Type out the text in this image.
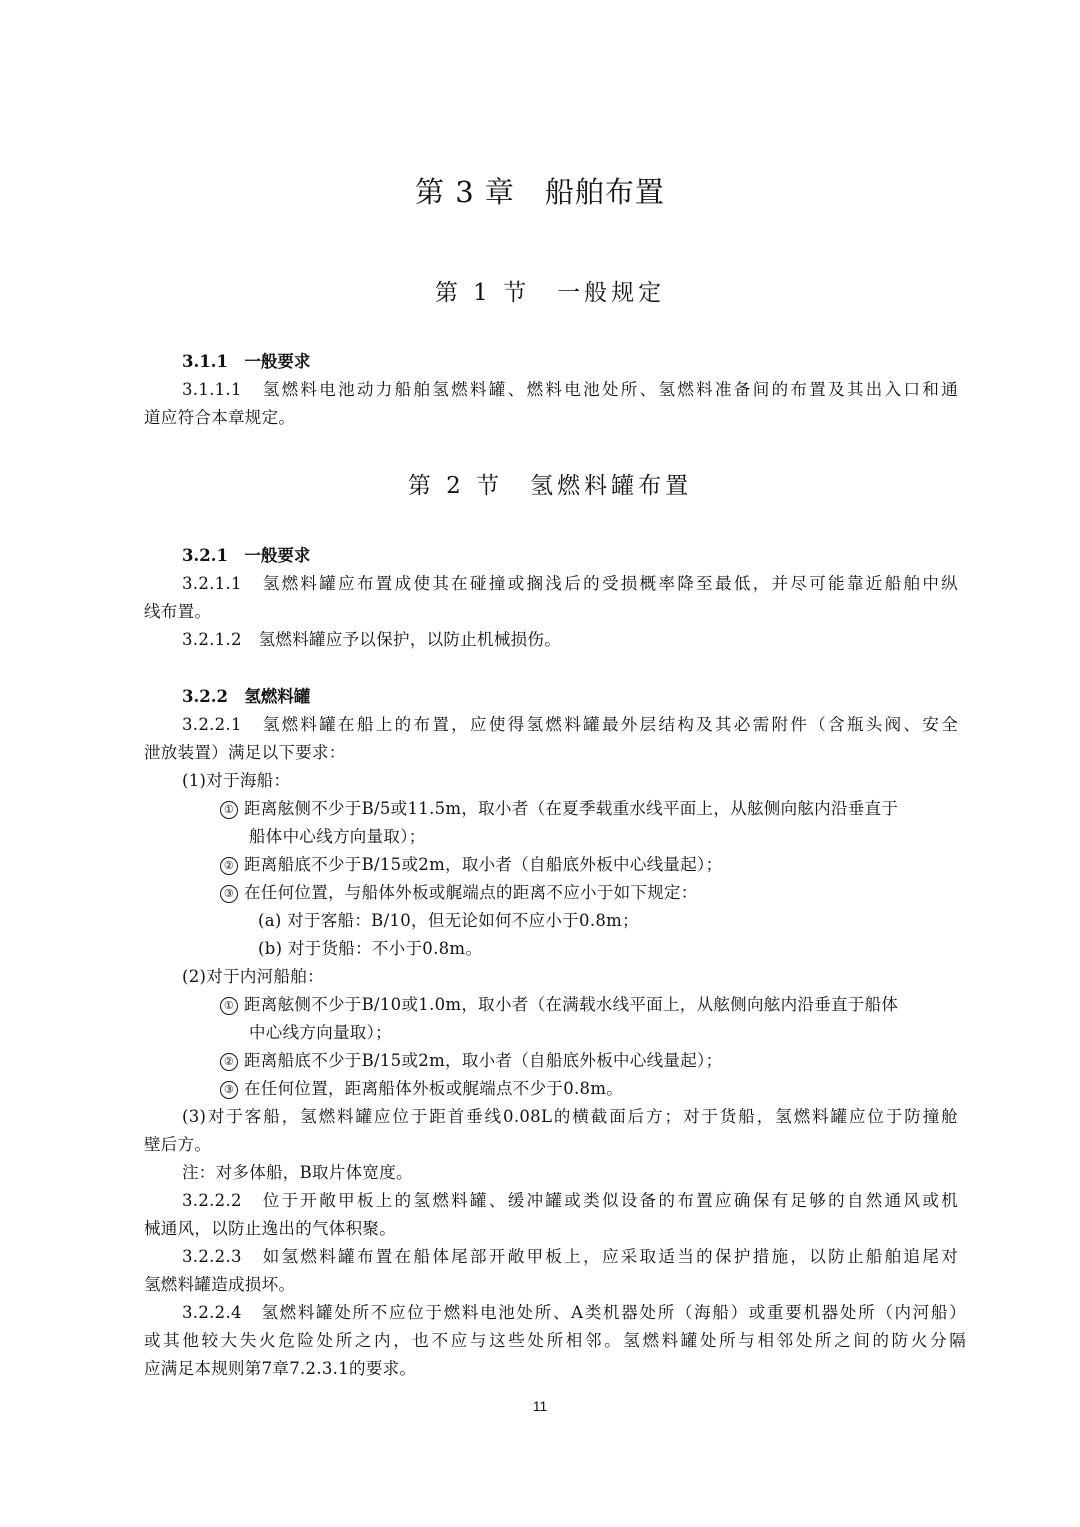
第 3 章　船舶布置
第 1 节　一般规定
3.1.1　一般要求
3.1.1.1　氢燃料电池动力船舶氢燃料罐、燃料电池处所、氢燃料准备间的布置及其出入口和通
道应符合本章规定。
第 2 节　氢燃料罐布置
3.2.1　一般要求
3.2.1.1　氢燃料罐应布置成使其在碰撞或搁浅后的受损概率降至最低，并尽可能靠近船舶中纵
线布置。
3.2.1.2　氢燃料罐应予以保护，以防止机械损伤。
3.2.2　氢燃料罐
3.2.2.1　氢燃料罐在船上的布置，应使得氢燃料罐最外层结构及其必需附件（含瓶头阀、安全
泄放装置）满足以下要求：
(1)对于海船：
① 距离舷侧不少于B/5或11.5m，取小者（在夏季载重水线平面上，从舷侧向舷内沿垂直于
船体中心线方向量取）；
② 距离船底不少于B/15或2m，取小者（自船底外板中心线量起）；
③ 在任何位置，与船体外板或艉端点的距离不应小于如下规定：
(a) 对于客船：B/10，但无论如何不应小于0.8m；
(b) 对于货船：不小于0.8m。
(2)对于内河船舶：
① 距离舷侧不少于B/10或1.0m，取小者（在满载水线平面上，从舷侧向舷内沿垂直于船体
中心线方向量取）；
② 距离船底不少于B/15或2m，取小者（自船底外板中心线量起）；
③ 在任何位置，距离船体外板或艉端点不少于0.8m。
(3)对于客船，氢燃料罐应位于距首垂线0.08L的横截面后方；对于货船，氢燃料罐应位于防撞舱
壁后方。
注：对多体船，B取片体宽度。
3.2.2.2　位于开敞甲板上的氢燃料罐、缓冲罐或类似设备的布置应确保有足够的自然通风或机
械通风，以防止逸出的气体积聚。
3.2.2.3　如氢燃料罐布置在船体尾部开敞甲板上，应采取适当的保护措施，以防止船舶追尾对
氢燃料罐造成损坏。
3.2.2.4　氢燃料罐处所不应位于燃料电池处所、A类机器处所（海船）或重要机器处所（内河船）
或其他较大失火危险处所之内，也不应与这些处所相邻。氢燃料罐处所与相邻处所之间的防火分隔
应满足本规则第7章7.2.3.1的要求。
11
